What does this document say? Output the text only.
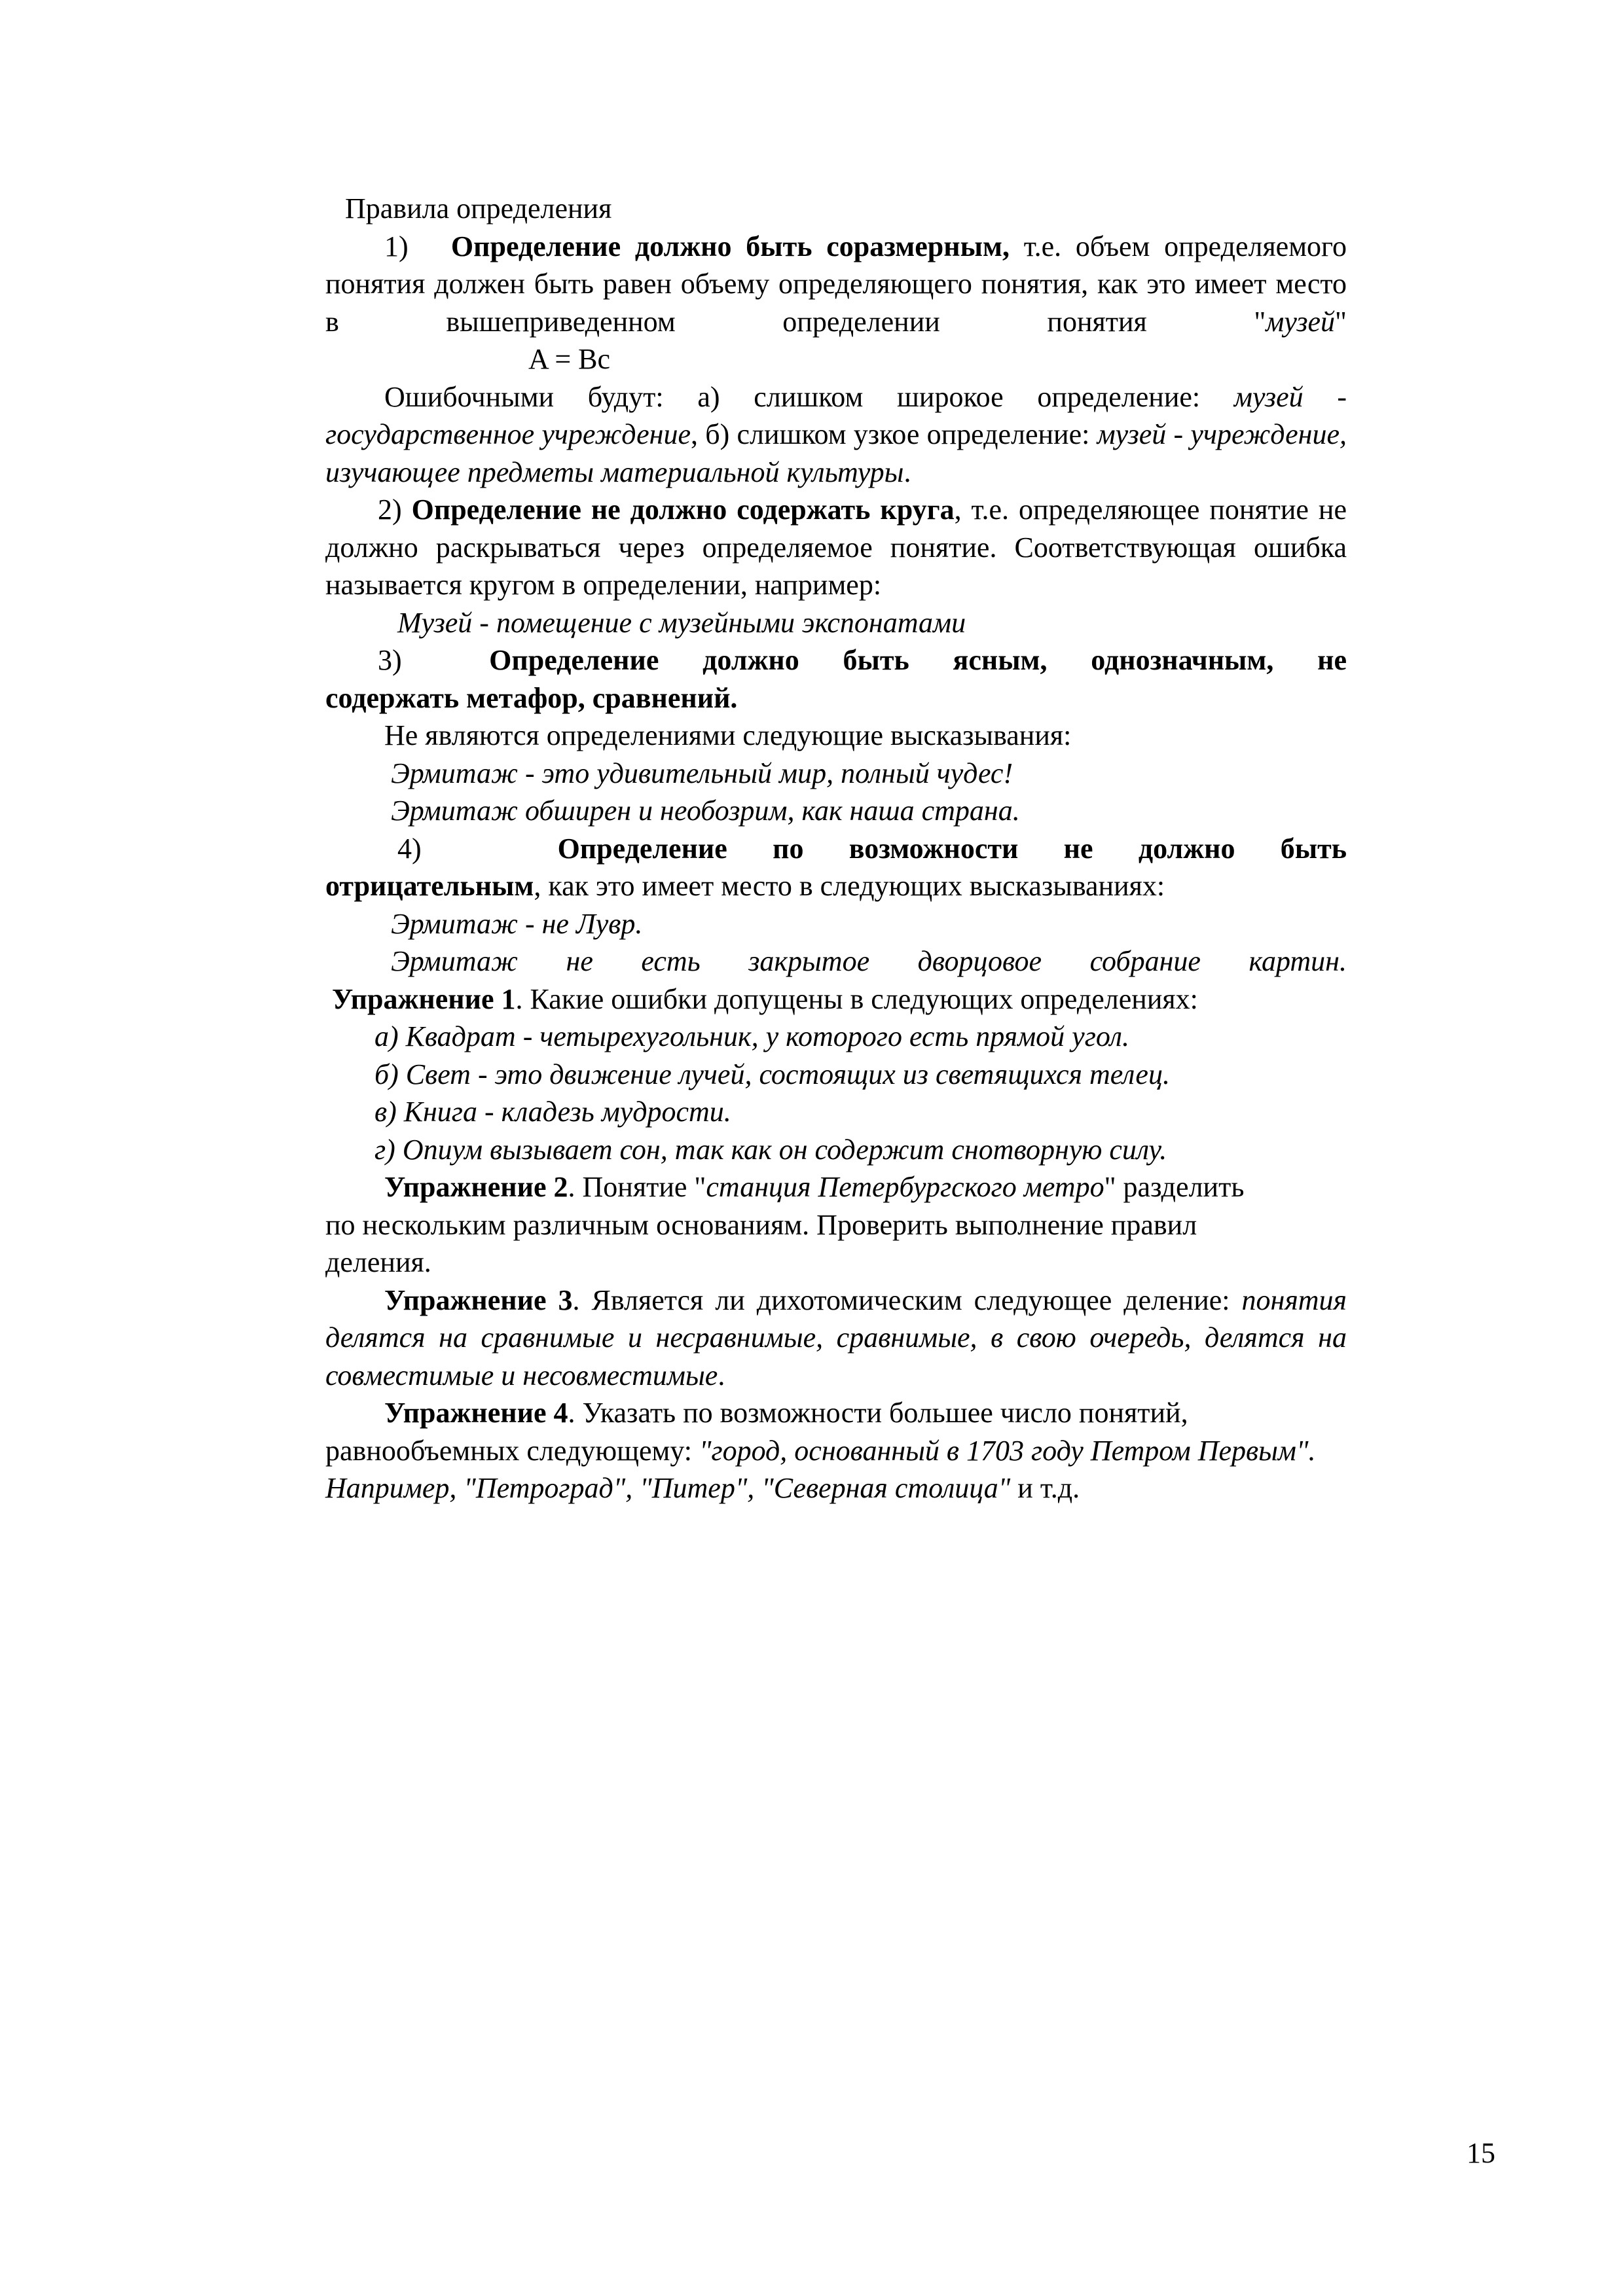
Правила определения

1) Определение должно быть соразмерным, т.е. объем определяемого понятия должен быть равен объему определяющего понятия, как это имеет место в вышеприведенном определении понятия "музей"

A = Bc

Ошибочными будут: а) слишком широкое определение: музей - государственное учреждение, б) слишком узкое определение: музей - учреждение, изучающее предметы материальной культуры.

2) Определение не должно содержать круга, т.е. определяющее понятие не должно раскрываться через определяемое понятие. Соответствующая ошибка называется кругом в определении, например:

Музей - помещение с музейными экспонатами

3)	Определение должно быть ясным, однозначным, не

содержать метафор, сравнений.

Не являются определениями следующие высказывания:

Эрмитаж - это удивительный мир, полный чудес!

Эрмитаж обширен и необозрим, как наша страна.

4)	Определение по возможности не должно быть

отрицательным, как это имеет место в следующих высказываниях:

Эрмитаж - не Лувр.

Эрмитаж не есть закрытое дворцовое собрание картин.

Упражнение 1. Какие ошибки допущены в следующих определениях:

а) Квадрат - четырехугольник, у которого есть прямой угол.

б) Свет - это движение лучей, состоящих из светящихся телец.

в) Книга - кладезь мудрости.

г) Опиум вызывает сон, так как он содержит снотворную силу.

Упражнение 2. Понятие "станция Петербургского метро" разделить по нескольким различным основаниям. Проверить выполнение правил деления.

Упражнение 3. Является ли дихотомическим следующее деление: понятия делятся на сравнимые и несравнимые, сравнимые, в свою очередь, делятся на совместимые и несовместимые.

Упражнение 4. Указать по возможности большее число понятий, равнообъемных следующему: "город, основанный в 1703 году Петром Первым". Например, "Петроград", "Питер", "Северная столица" и т.д.

15
